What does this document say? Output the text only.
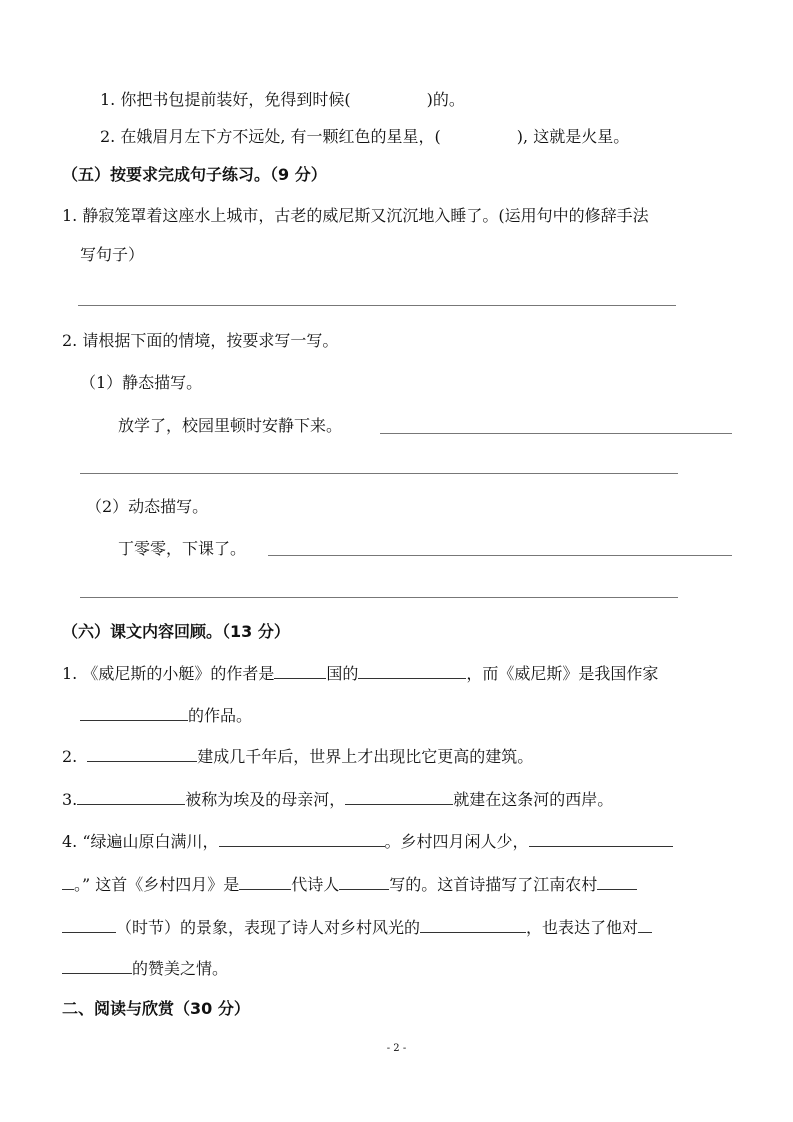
1. 你把书包提前装好，免得到时候(	)的。
2. 在娥眉月左下方不远处, 有一颗红色的星星，(	), 这就是火星。
（五）按要求完成句子练习。（9 分）
1. 静寂笼罩着这座水上城市，古老的威尼斯又沉沉地入睡了。(运用句中的修辞手法
写句子）
2. 请根据下面的情境，按要求写一写。
（1）静态描写。
放学了，校园里顿时安静下来。
（2）动态描写。
丁零零，下课了。
（六）课文内容回顾。（13 分）
1. 《威尼斯的小艇》的作者是	国的	，而《威尼斯》是我国作家
的作品。
2.	建成几千年后，世界上才出现比它更高的建筑。
3.	被称为埃及的母亲河，	就建在这条河的西岸。
4. “绿遍山原白满川，	。乡村四月闲人少，
。” 这首《乡村四月》是	代诗人	写的。这首诗描写了江南农村
（时节）的景象，表现了诗人对乡村风光的	，也表达了他对
的赞美之情。
二、阅读与欣赏（30 分）
- 2 -
